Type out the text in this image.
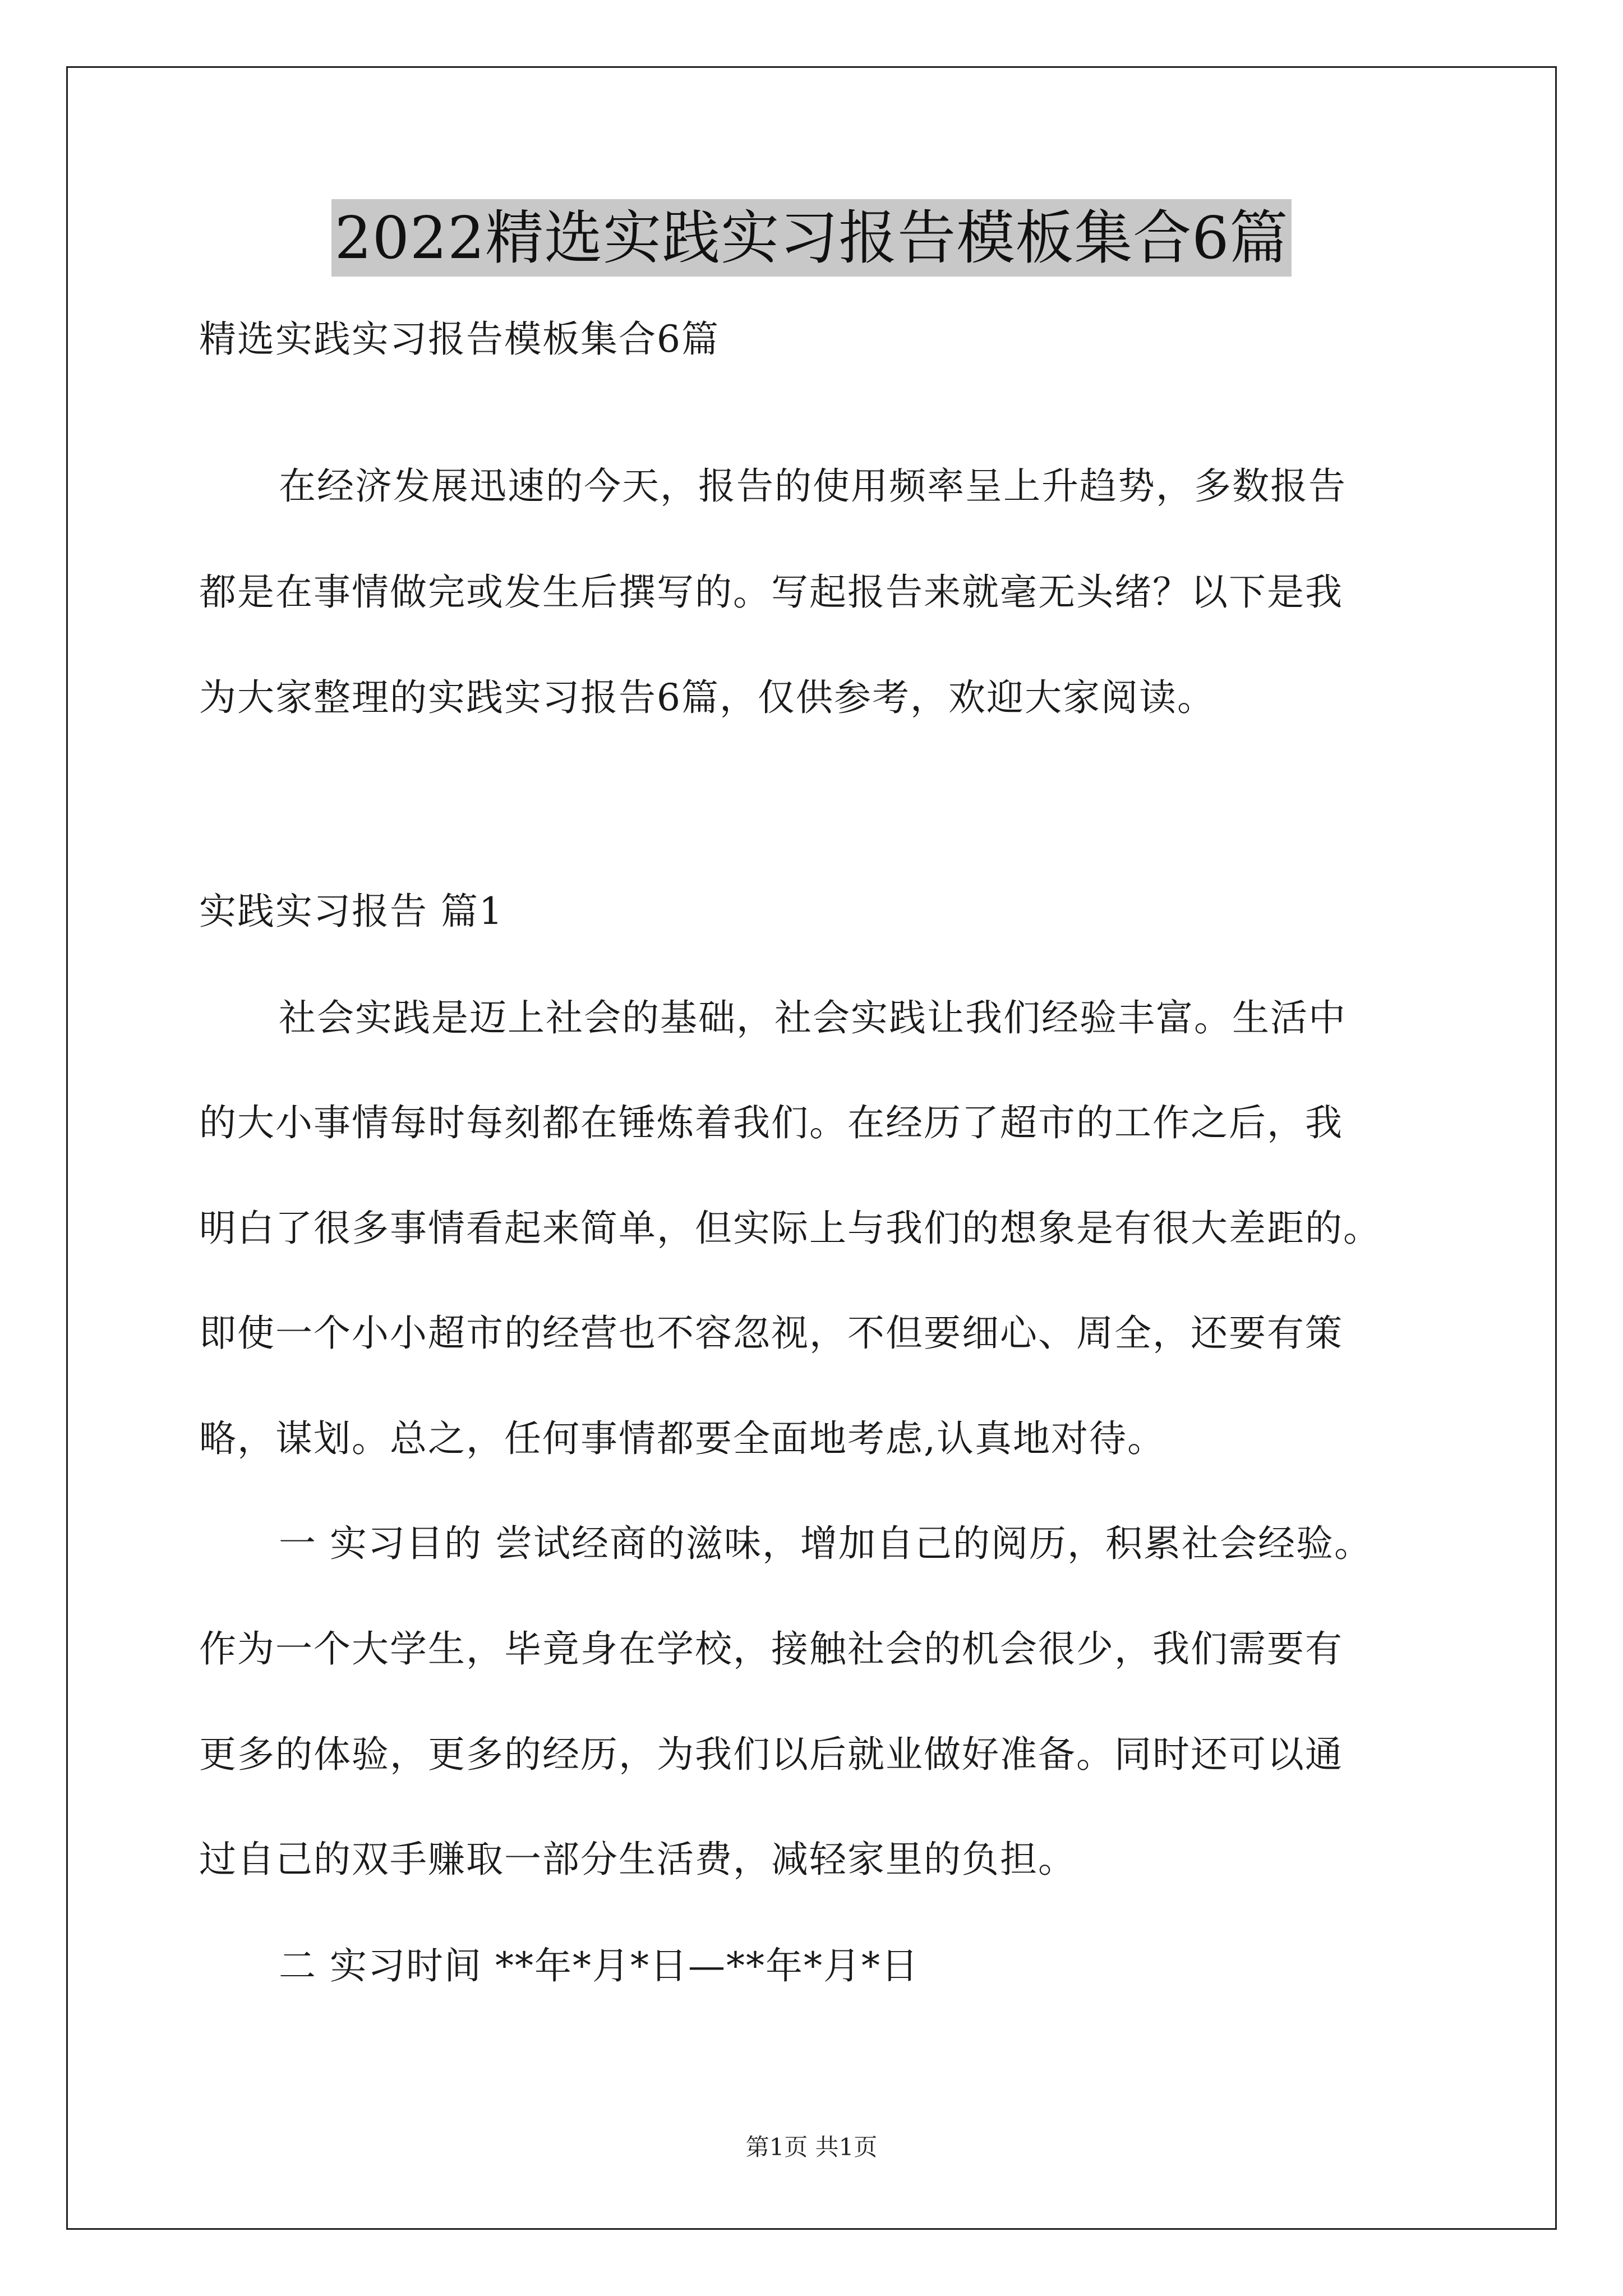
2022精选实践实习报告模板集合6篇
精选实践实习报告模板集合6篇
在经济发展迅速的今天，报告的使用频率呈上升趋势，多数报告
都是在事情做完或发生后撰写的。写起报告来就毫无头绪？以下是我
为大家整理的实践实习报告6篇，仅供参考，欢迎大家阅读。
实践实习报告 篇1
社会实践是迈上社会的基础，社会实践让我们经验丰富。生活中
的大小事情每时每刻都在锤炼着我们。在经历了超市的工作之后，我
明白了很多事情看起来简单，但实际上与我们的想象是有很大差距的。
即使一个小小超市的经营也不容忽视，不但要细心、周全，还要有策
略，谋划。总之，任何事情都要全面地考虑,认真地对待。
一 实习目的 尝试经商的滋味，增加自己的阅历，积累社会经验。
作为一个大学生，毕竟身在学校，接触社会的机会很少，我们需要有
更多的体验，更多的经历，为我们以后就业做好准备。同时还可以通
过自己的双手赚取一部分生活费，减轻家里的负担。
二 实习时间 **年*月*日—**年*月*日
第1页 共1页
